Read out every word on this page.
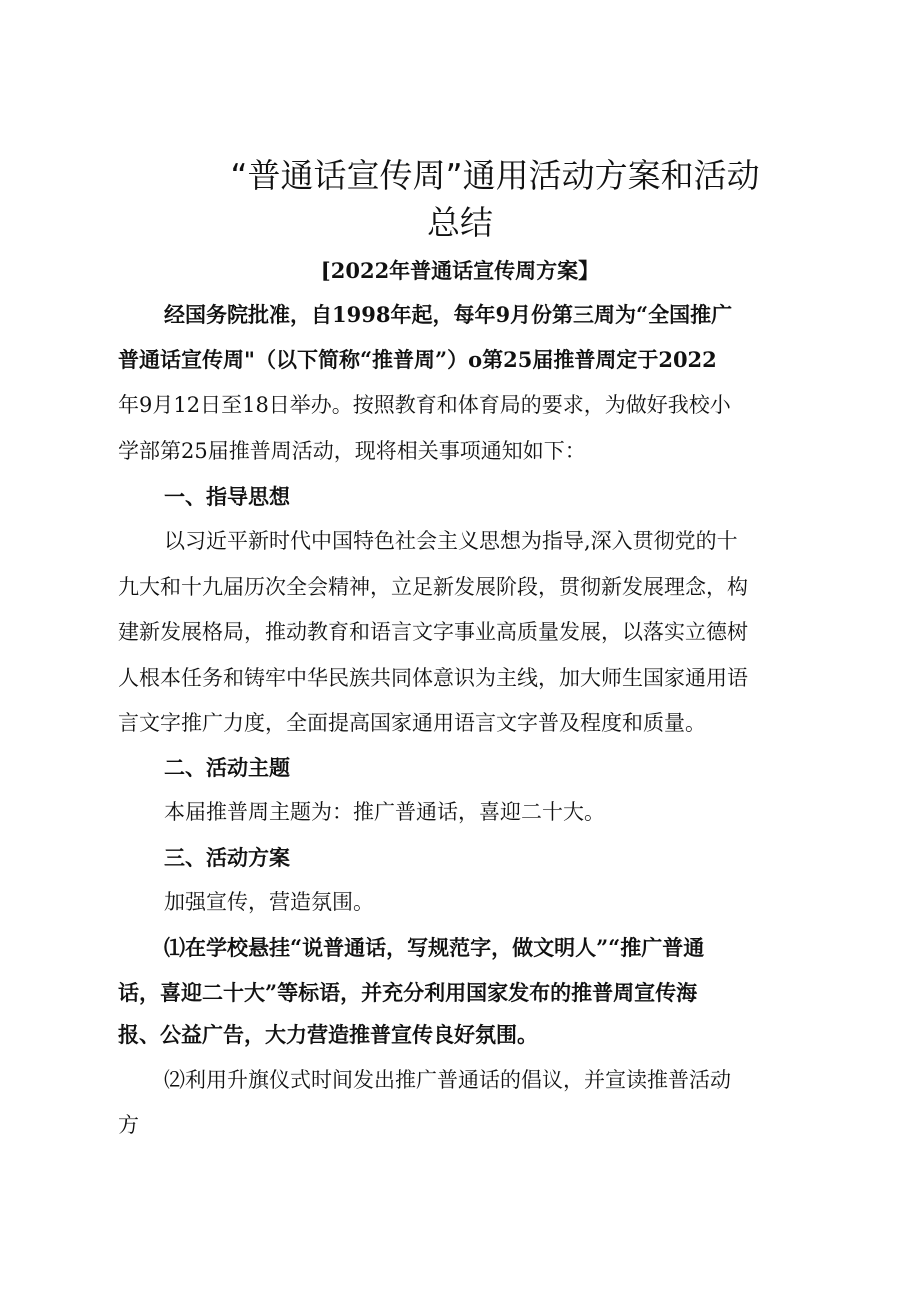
“普通话宣传周”通用活动方案和活动
总结
[2022年普通话宣传周方案】
经国务院批准，自1998年起，每年9月份第三周为“全国推广
普通话宣传周"（以下简称“推普周”）o第25届推普周定于2022
年9月12日至18日举办。按照教育和体育局的要求，为做好我校小
学部第25届推普周活动，现将相关事项通知如下：
一、指导思想
以习近平新时代中国特色社会主义思想为指导,深入贯彻党的十
九大和十九届历次全会精神，立足新发展阶段，贯彻新发展理念，构
建新发展格局，推动教育和语言文字事业高质量发展，以落实立德树
人根本任务和铸牢中华民族共同体意识为主线，加大师生国家通用语
言文字推广力度，全面提高国家通用语言文字普及程度和质量。
二、活动主题
本届推普周主题为：推广普通话，喜迎二十大。
三、活动方案
加强宣传，营造氛围。
⑴在学校悬挂“说普通话，写规范字，做文明人”“推广普通
话，喜迎二十大”等标语，并充分利用国家发布的推普周宣传海
报、公益广告，大力营造推普宣传良好氛围。
⑵利用升旗仪式时间发出推广普通话的倡议，并宣读推普活动
方
